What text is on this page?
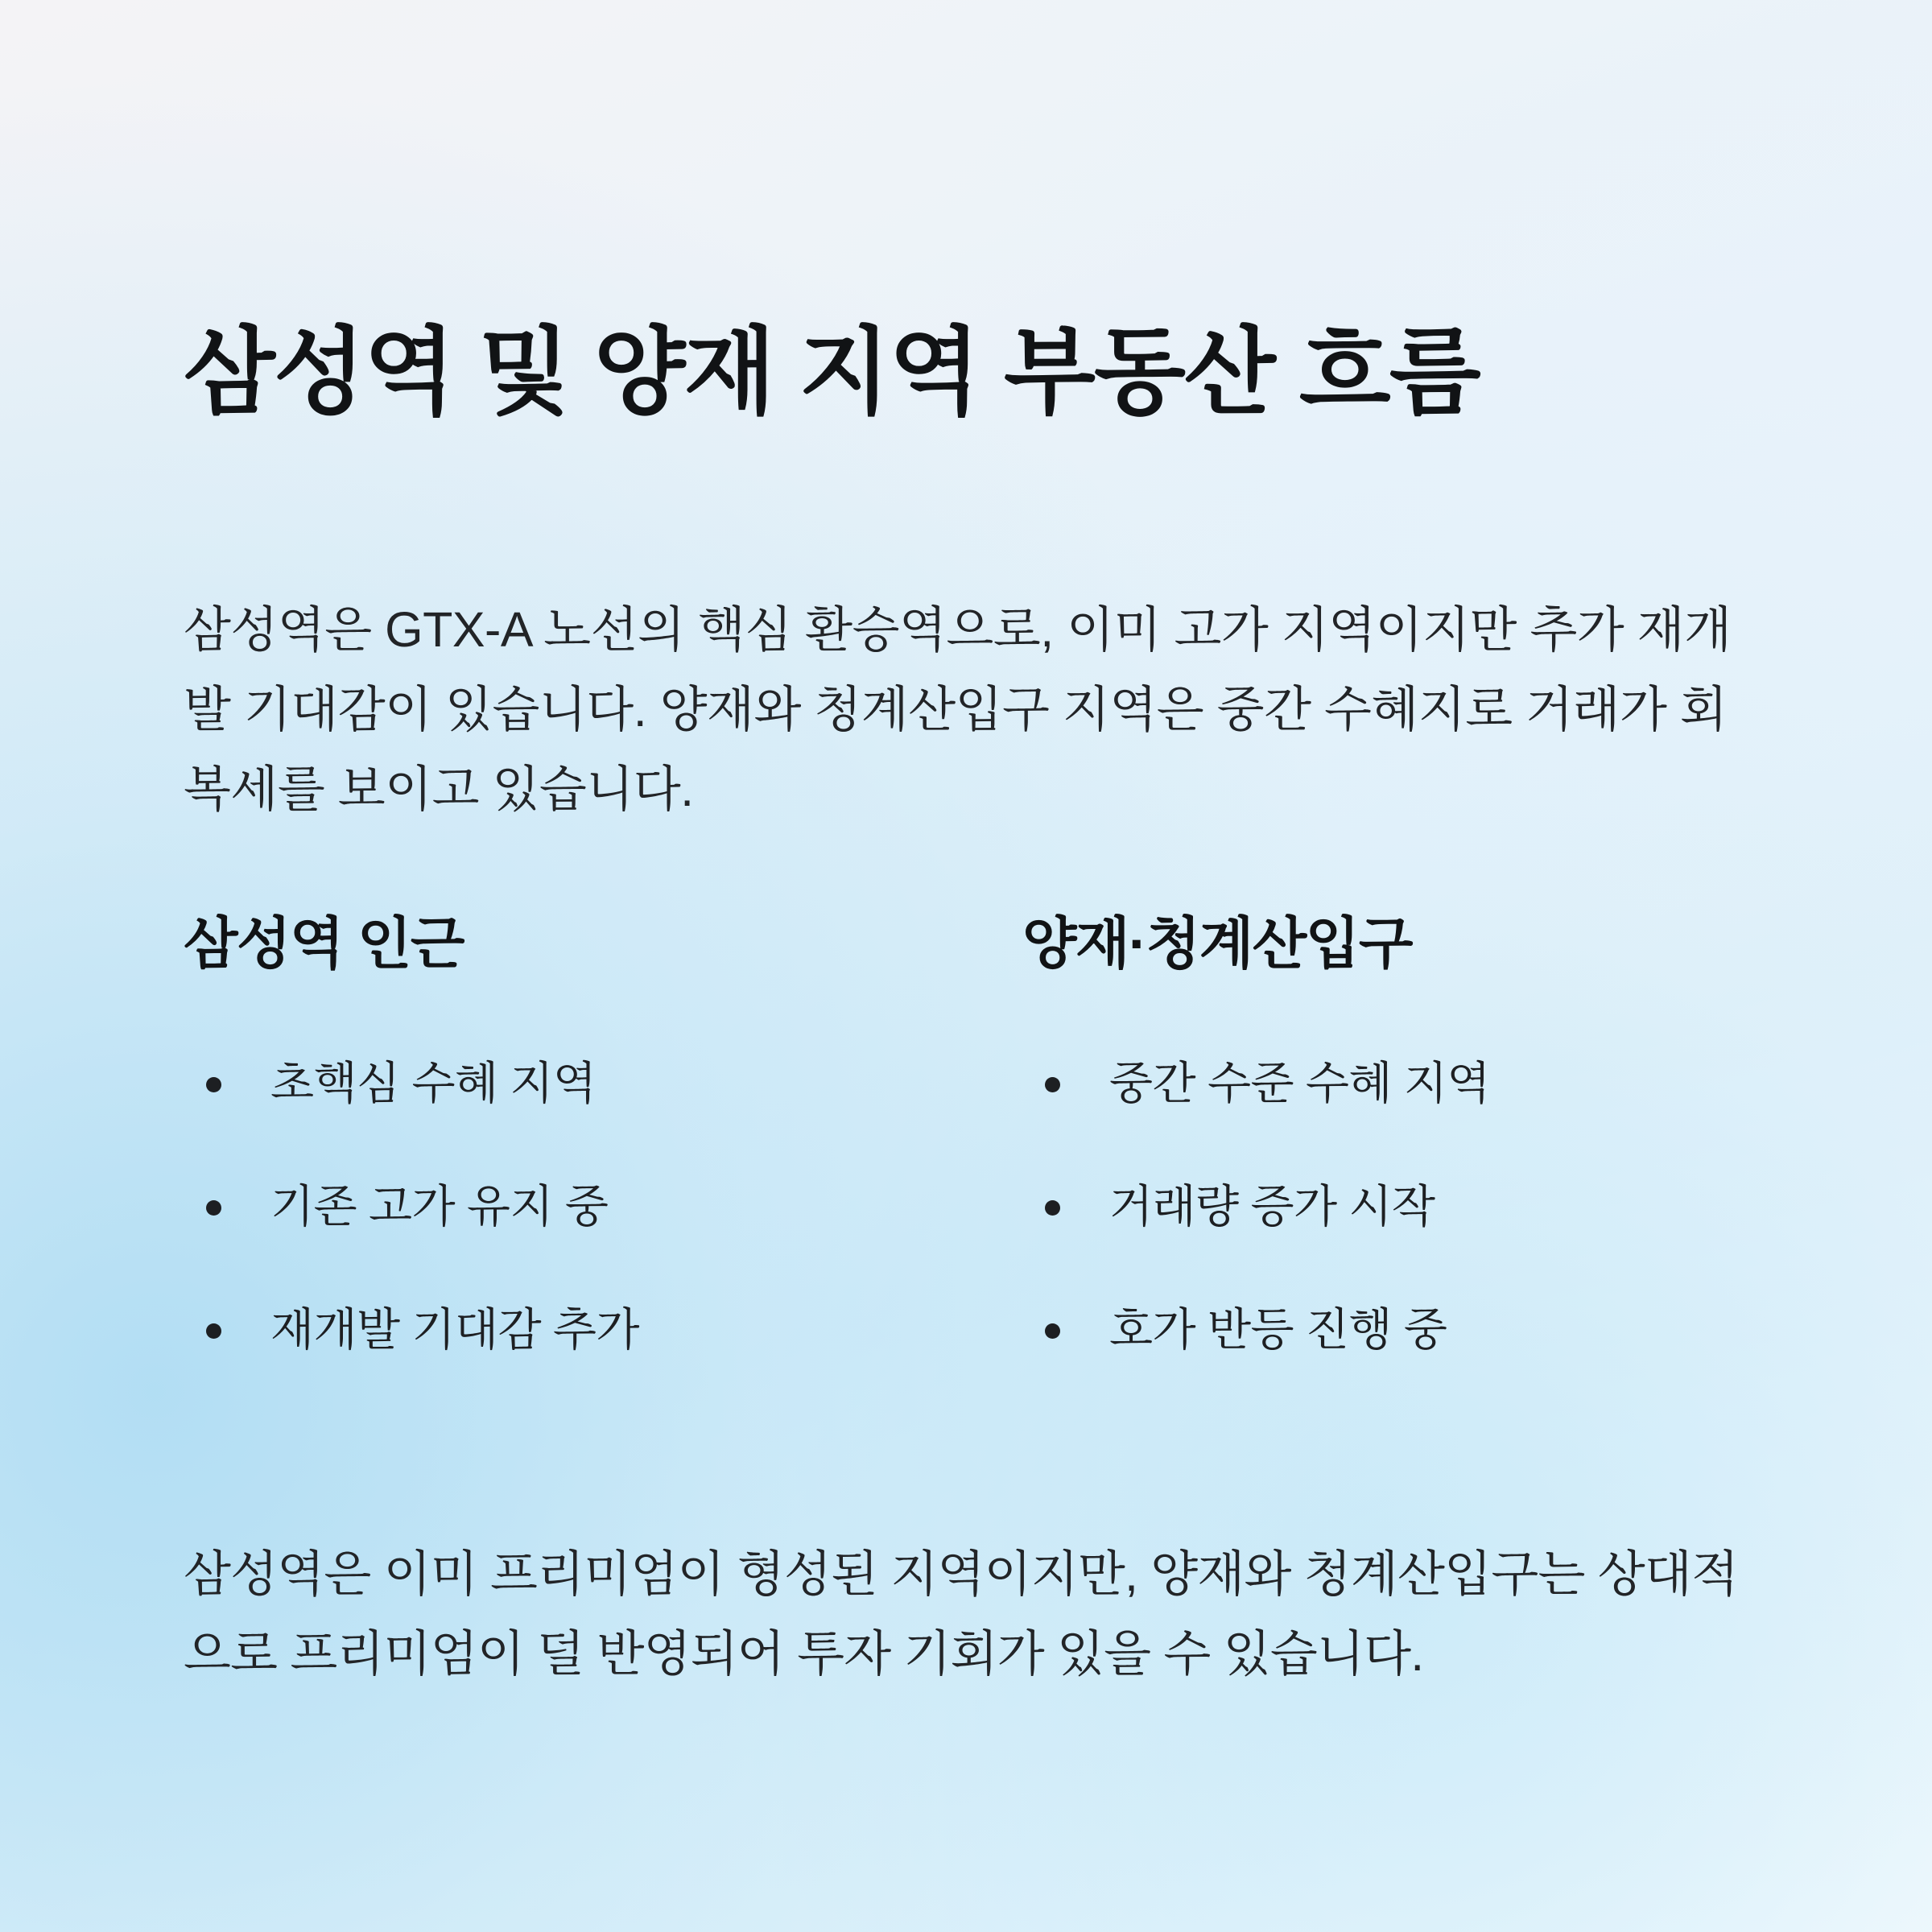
삼성역 및 양재 지역 부동산 흐름

삼성역은 GTX-A 노선의 핵심 환승역으로, 이미 고가 지역이지만 추가 재개발 기대감이 있습니다. 양재와 청계산입구 지역은 중간 수혜지로 거래가 회복세를 보이고 있습니다.

삼성역 인근
초핵심 수혜 지역
기존 고가 유지 중
재개발 기대감 추가
양재·청계산입구
중간 수준 수혜 지역
거래량 증가 시작
호가 반등 진행 중

삼성역은 이미 프리미엄이 형성된 지역이지만, 양재와 청계산입구는 상대적으로 프리미엄이 덜 반영되어 투자 기회가 있을 수 있습니다.
